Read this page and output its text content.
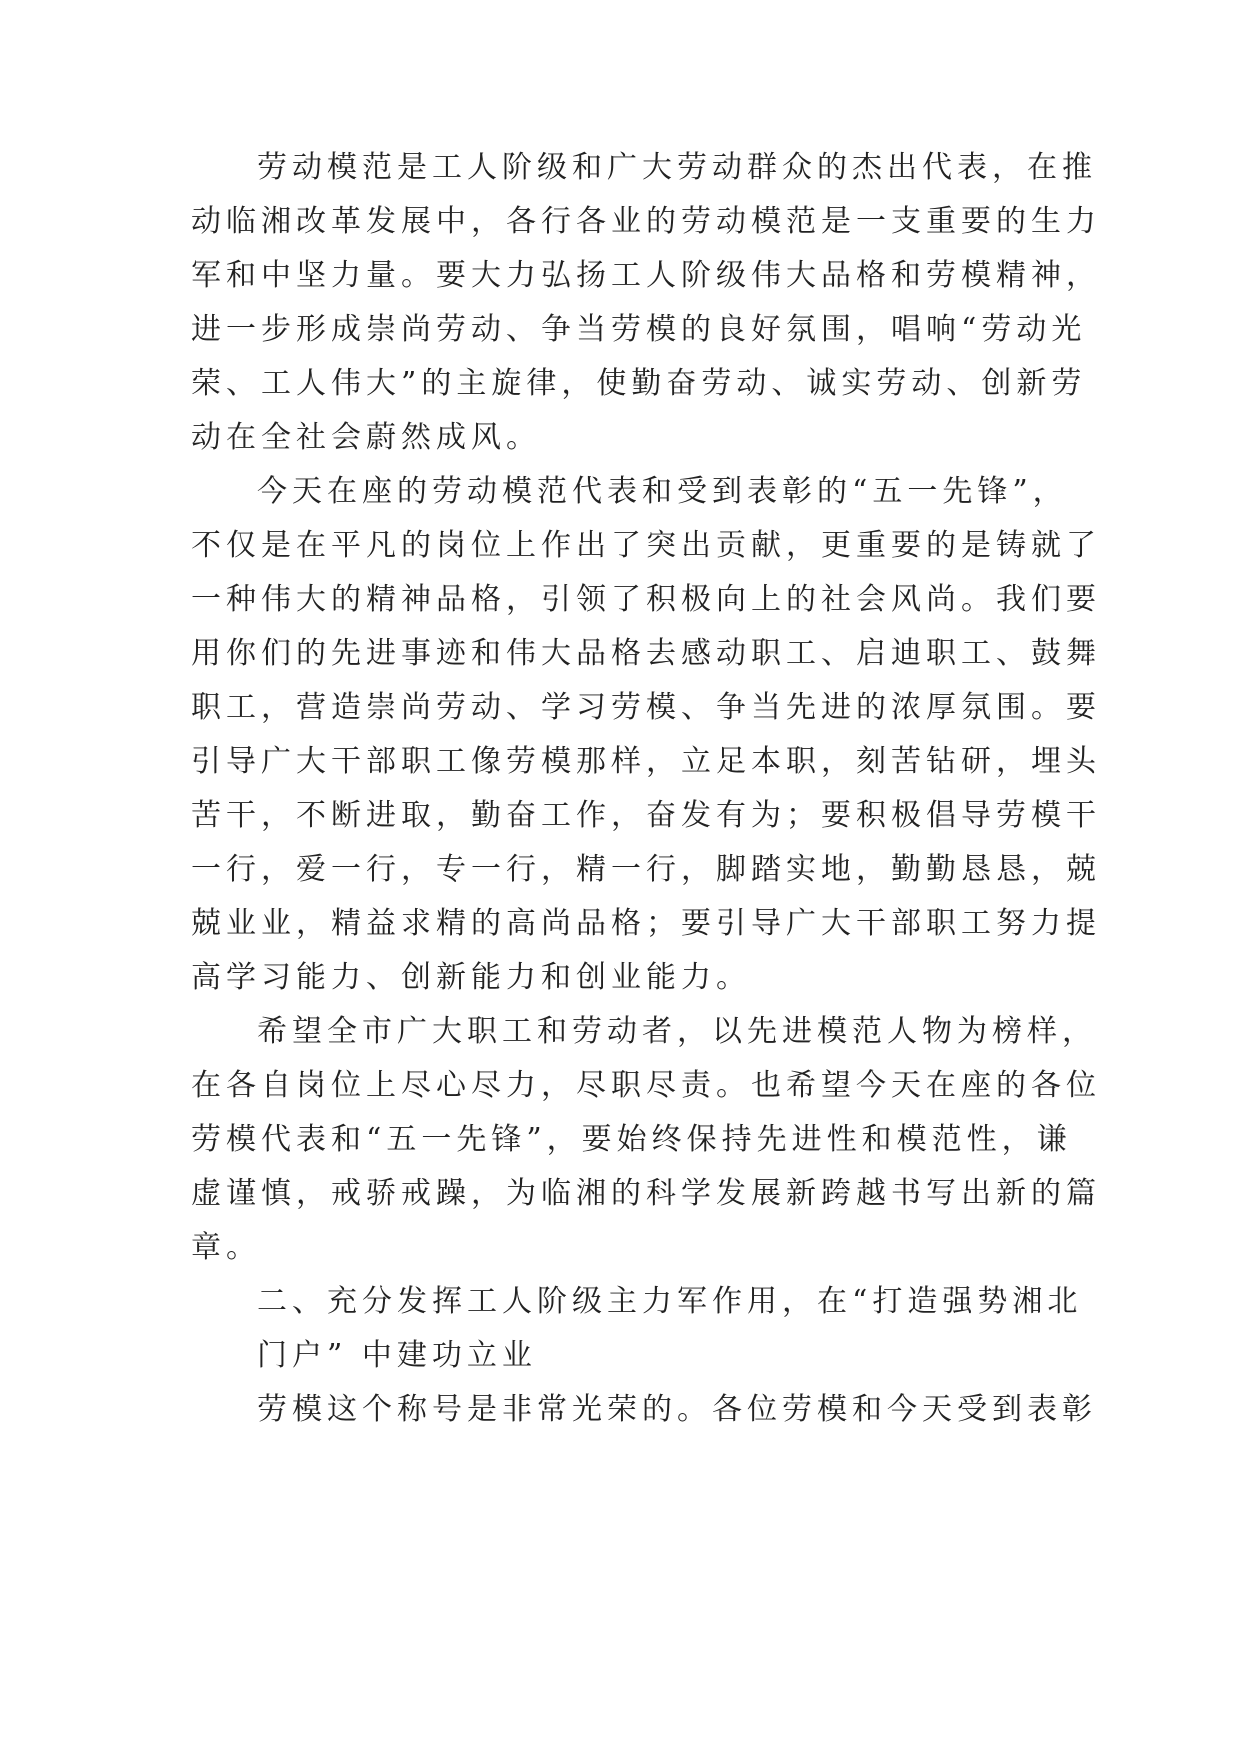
劳动模范是工人阶级和广大劳动群众的杰出代表，在推
动临湘改革发展中，各行各业的劳动模范是一支重要的生力
军和中坚力量。要大力弘扬工人阶级伟大品格和劳模精神，
进一步形成崇尚劳动、争当劳模的良好氛围，唱响“劳动光
荣、工人伟大”的主旋律，使勤奋劳动、诚实劳动、创新劳
动在全社会蔚然成风。
今天在座的劳动模范代表和受到表彰的“五一先锋”，
不仅是在平凡的岗位上作出了突出贡献，更重要的是铸就了
一种伟大的精神品格，引领了积极向上的社会风尚。我们要
用你们的先进事迹和伟大品格去感动职工、启迪职工、鼓舞
职工，营造崇尚劳动、学习劳模、争当先进的浓厚氛围。要
引导广大干部职工像劳模那样，立足本职，刻苦钻研，埋头
苦干，不断进取，勤奋工作，奋发有为；要积极倡导劳模干
一行，爱一行，专一行，精一行，脚踏实地，勤勤恳恳，兢
兢业业，精益求精的高尚品格；要引导广大干部职工努力提
高学习能力、创新能力和创业能力。
希望全市广大职工和劳动者，以先进模范人物为榜样，
在各自岗位上尽心尽力，尽职尽责。也希望今天在座的各位
劳模代表和“五一先锋”，要始终保持先进性和模范性，谦
虚谨慎，戒骄戒躁，为临湘的科学发展新跨越书写出新的篇
章。
二、充分发挥工人阶级主力军作用，在“打造强势湘北
门户” 中建功立业
劳模这个称号是非常光荣的。各位劳模和今天受到表彰
